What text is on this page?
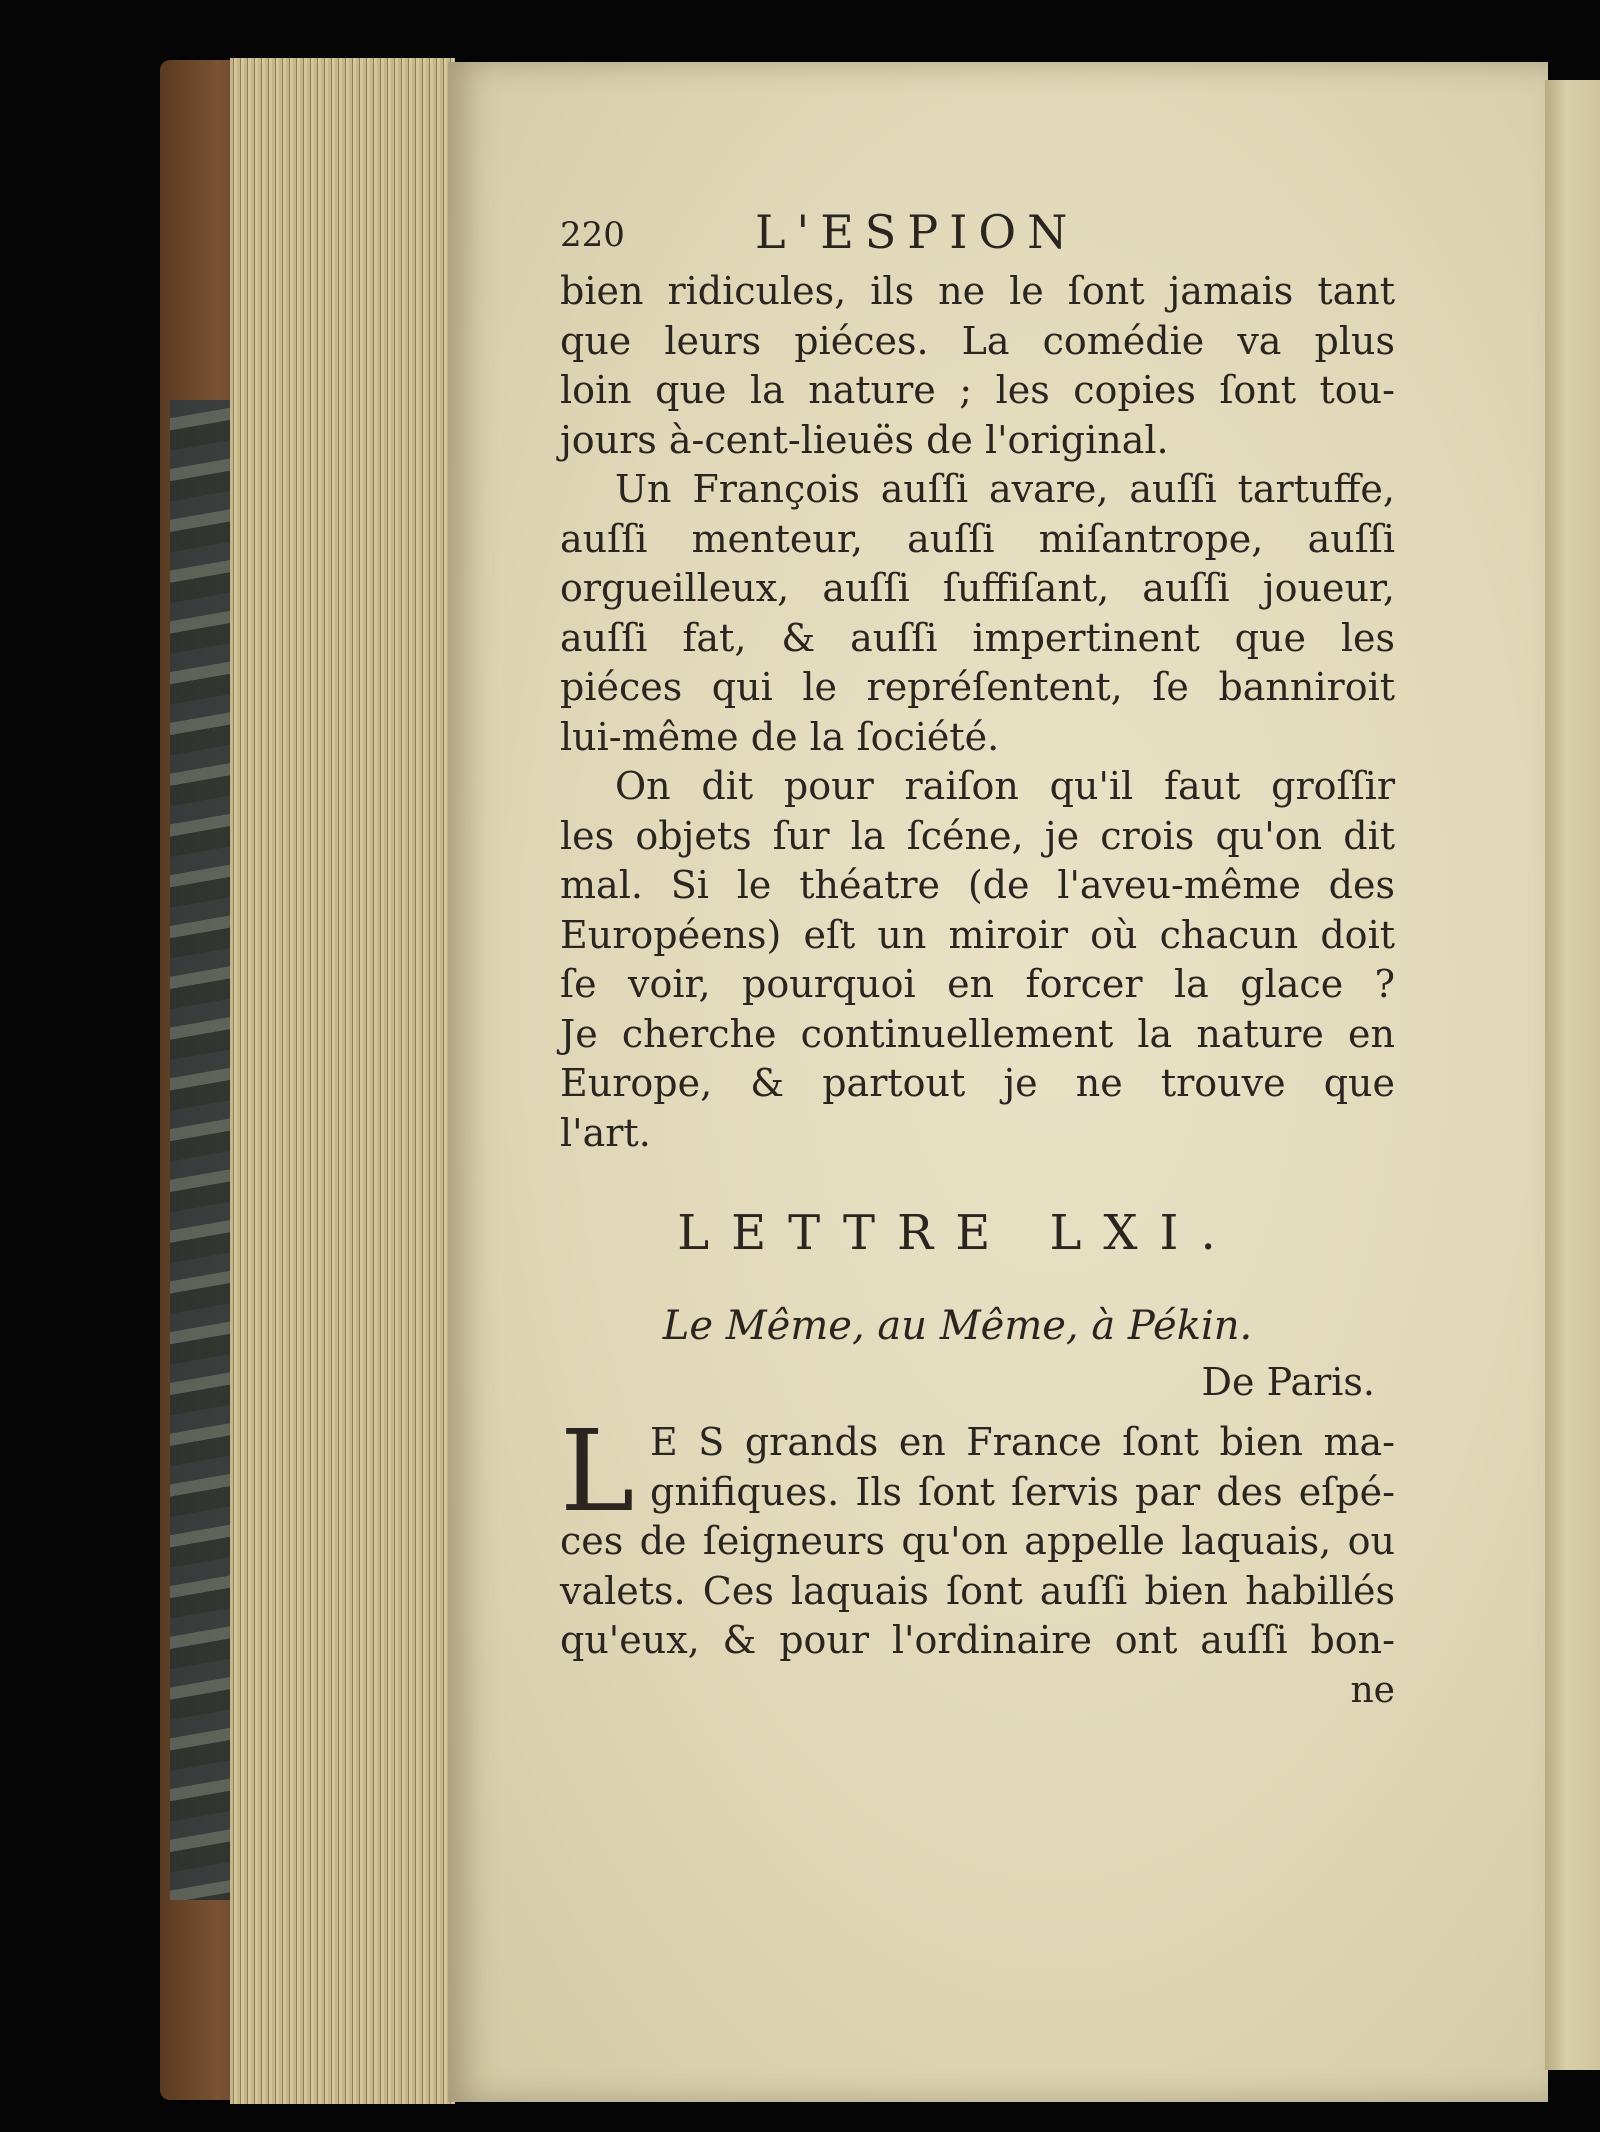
220	L'ESPION
bien ridicules, ils ne le ſont jamais tant
que leurs piéces. La comédie va plus
loin que la nature ; les copies ſont tou-
jours à-cent-lieuës de l'original.
Un François auſſi avare, auſſi tartuffe,
auſſi menteur, auſſi miſantrope, auſſi
orgueilleux, auſſi ſuffiſant, auſſi joueur,
auſſi fat, & auſſi impertinent que les
piéces qui le repréſentent, ſe banniroit
lui-même de la ſociété.
On dit pour raiſon qu'il faut groſſir
les objets ſur la ſcéne, je crois qu'on dit
mal. Si le théatre (de l'aveu-même des
Européens) eſt un miroir où chacun doit
ſe voir, pourquoi en forcer la glace ?
Je cherche continuellement la nature en
Europe, & partout je ne trouve que
l'art.
LETTRE LXI.
Le Même, au Même, à Pékin.
De Paris.
L E S grands en France ſont bien ma-
gnifiques. Ils ſont ſervis par des eſpé-
ces de ſeigneurs qu'on appelle laquais, ou
valets. Ces laquais ſont auſſi bien habillés
qu'eux, & pour l'ordinaire ont auſſi bon-
ne
